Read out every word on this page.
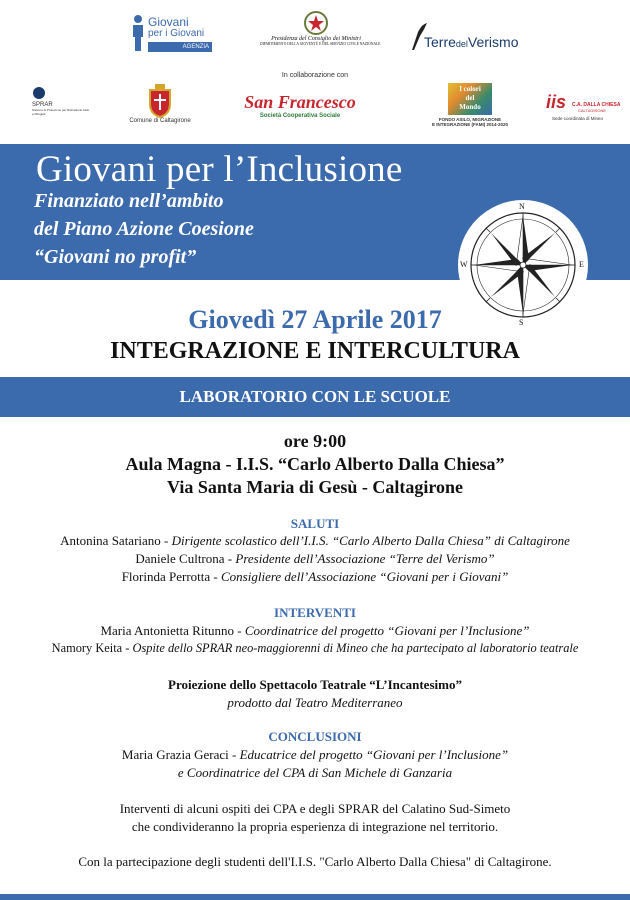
Giovani
per i Giovani
AGENZIA
Presidenza del Consiglio dei Ministri
DIPARTIMENTO DELLA GIOVENTÙ E DEL SERVIZIO CIVILE NAZIONALE	TerredelVerismo
In collaborazione con
SPRAR
Sistema di Protezione per Richiedenti Asilo e Rifugiati
Comune di Caltagirone
San Francesco
Società Cooperativa Sociale
I colori
del
Mondo
FONDO ASILO, MIGRAZIONE
E INTEGRAZIONE (FAMI) 2014-2020
iis C.A. DALLA CHIESA
CALTAGIRONE
Sede coordinata di Mineo
Giovani per l’Inclusione
Finanziato nell’ambito
del Piano Azione Coesione
“Giovani no profit”
N
S
W	E
Giovedì 27 Aprile 2017
INTEGRAZIONE E INTERCULTURA
LABORATORIO CON LE SCUOLE
ore 9:00
Aula Magna - I.I.S. “Carlo Alberto Dalla Chiesa”
Via Santa Maria di Gesù - Caltagirone
SALUTI
Antonina Satariano - Dirigente scolastico dell’I.I.S. “Carlo Alberto Dalla Chiesa” di Caltagirone
Daniele Cultrona - Presidente dell’Associazione “Terre del Verismo”
Florinda Perrotta - Consigliere dell’Associazione “Giovani per i Giovani”
INTERVENTI
Maria Antonietta Ritunno - Coordinatrice del progetto “Giovani per l’Inclusione”
Namory Keita - Ospite dello SPRAR neo-maggiorenni di Mineo che ha partecipato al laboratorio teatrale
Proiezione dello Spettacolo Teatrale “L’Incantesimo”
prodotto dal Teatro Mediterraneo
CONCLUSIONI
Maria Grazia Geraci - Educatrice del progetto “Giovani per l’Inclusione”
e Coordinatrice del CPA di San Michele di Ganzaria
Interventi di alcuni ospiti dei CPA e degli SPRAR del Calatino Sud-Simeto
che condivideranno la propria esperienza di integrazione nel territorio.
Con la partecipazione degli studenti dell'I.I.S. "Carlo Alberto Dalla Chiesa" di Caltagirone.
